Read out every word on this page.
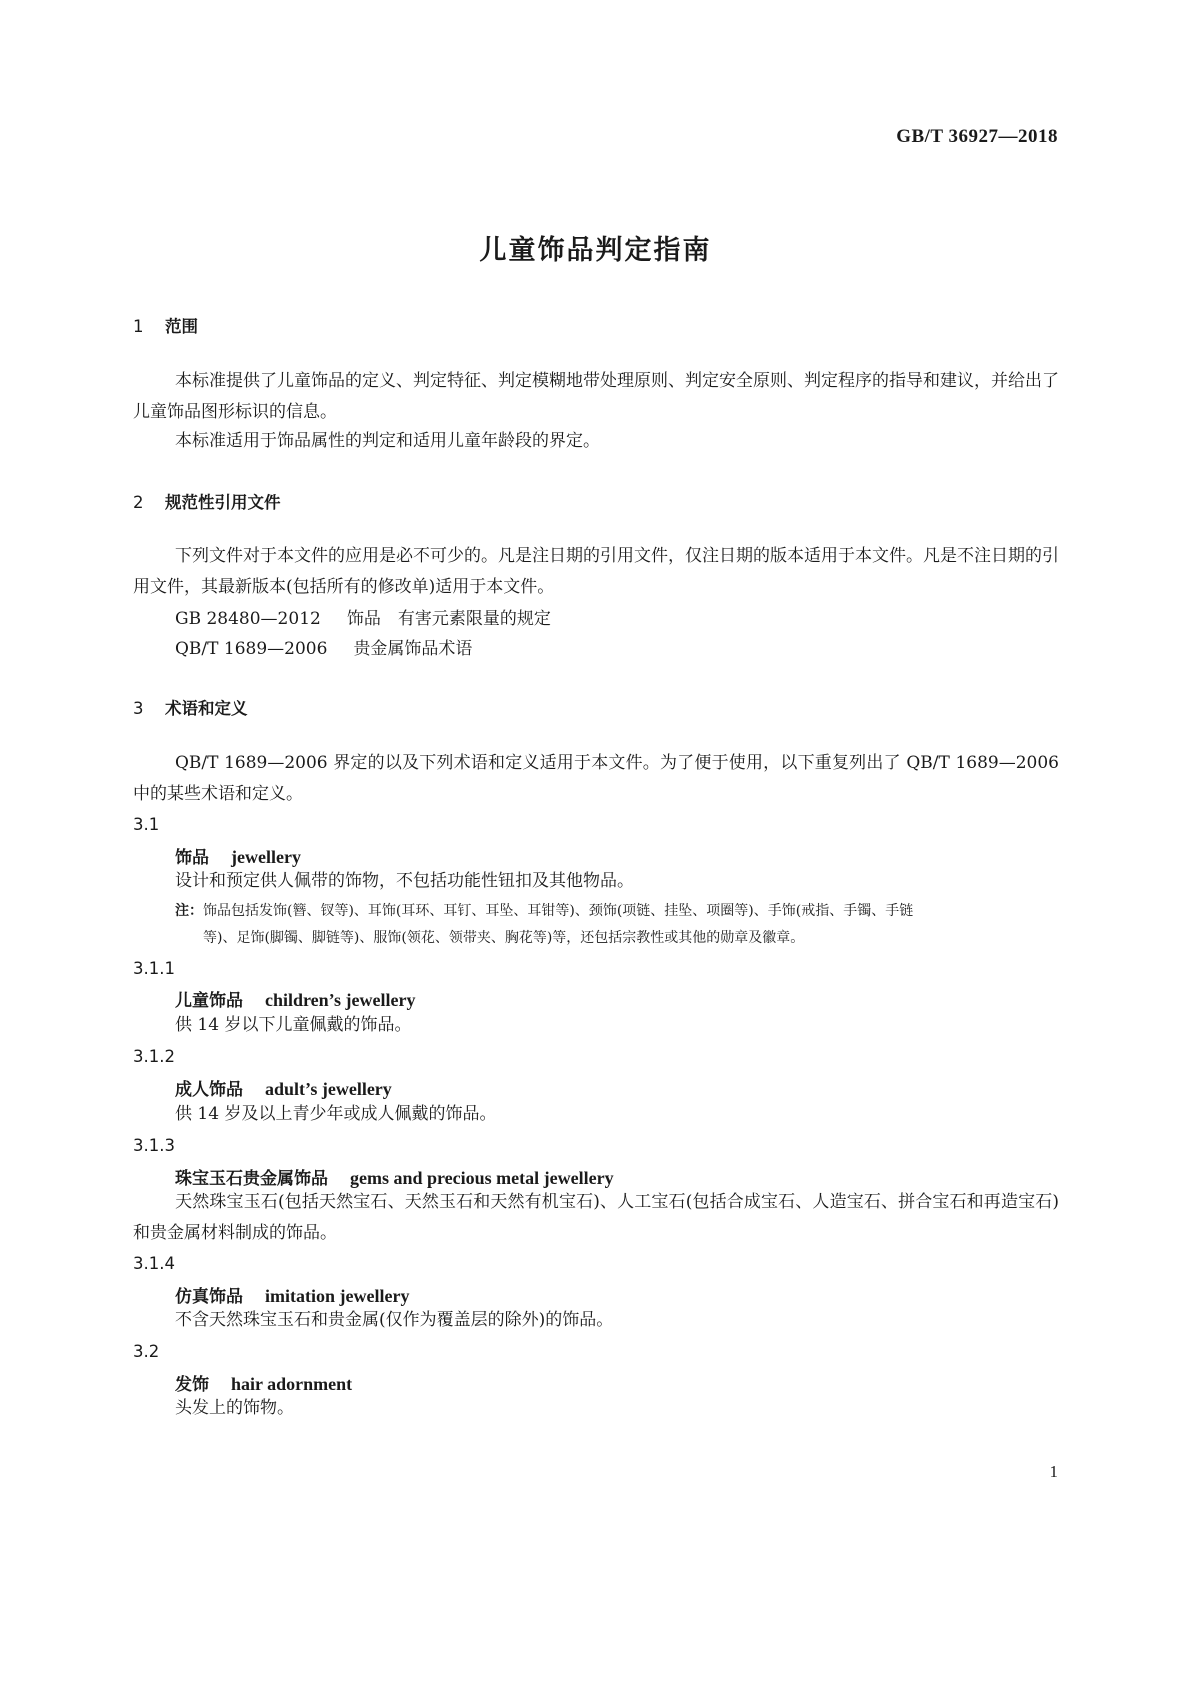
GB/T 36927—2018
儿童饰品判定指南
1 范围
本标准提供了儿童饰品的定义、判定特征、判定模糊地带处理原则、判定安全原则、判定程序的指导和建议，并给出了儿童饰品图形标识的信息。
本标准适用于饰品属性的判定和适用儿童年龄段的界定。
2 规范性引用文件
下列文件对于本文件的应用是必不可少的。凡是注日期的引用文件，仅注日期的版本适用于本文件。凡是不注日期的引用文件，其最新版本(包括所有的修改单)适用于本文件。
GB 28480—2012 饰品　有害元素限量的规定
QB/T 1689—2006 贵金属饰品术语
3 术语和定义
QB/T 1689—2006 界定的以及下列术语和定义适用于本文件。为了便于使用，以下重复列出了 QB/T 1689—2006 中的某些术语和定义。
3.1
饰品 jewellery
设计和预定供人佩带的饰物，不包括功能性钮扣及其他物品。
注：饰品包括发饰(簪、钗等)、耳饰(耳环、耳钉、耳坠、耳钳等)、颈饰(项链、挂坠、项圈等)、手饰(戒指、手镯、手链
等)、足饰(脚镯、脚链等)、服饰(领花、领带夹、胸花等)等，还包括宗教性或其他的勋章及徽章。
3.1.1
儿童饰品 children’s jewellery
供 14 岁以下儿童佩戴的饰品。
3.1.2
成人饰品 adult’s jewellery
供 14 岁及以上青少年或成人佩戴的饰品。
3.1.3
珠宝玉石贵金属饰品 gems and precious metal jewellery
天然珠宝玉石(包括天然宝石、天然玉石和天然有机宝石)、人工宝石(包括合成宝石、人造宝石、拼合宝石和再造宝石)和贵金属材料制成的饰品。
3.1.4
仿真饰品 imitation jewellery
不含天然珠宝玉石和贵金属(仅作为覆盖层的除外)的饰品。
3.2
发饰 hair adornment
头发上的饰物。
1
